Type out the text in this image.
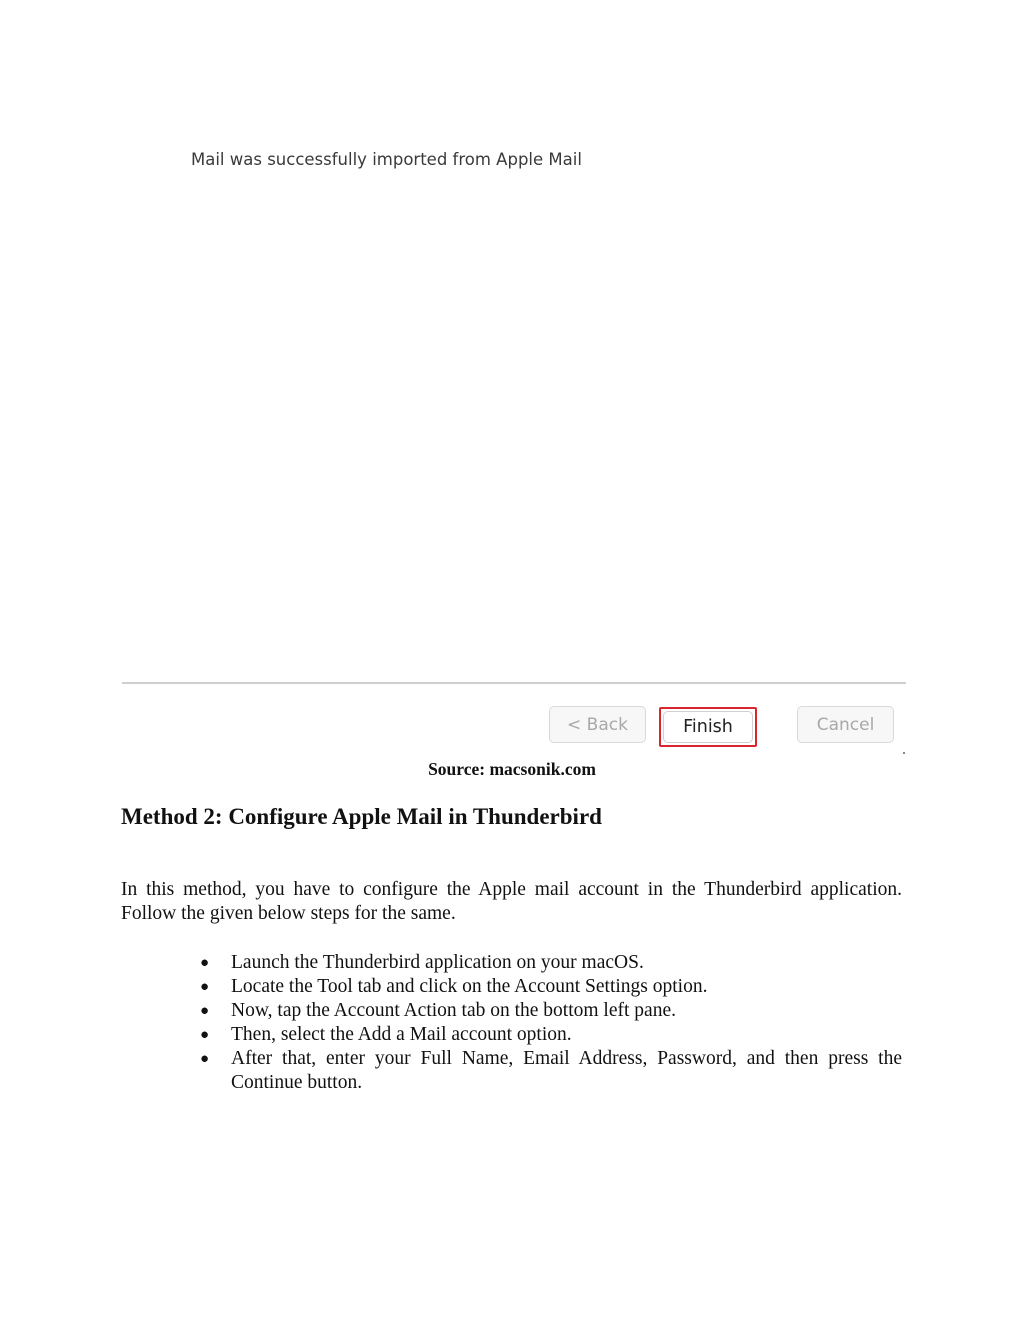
Mail was successfully imported from Apple Mail
< Back	Finish	Cancel
Source: macsonik.com
Method 2: Configure Apple Mail in Thunderbird

In this method, you have to configure the Apple mail account in the Thunderbird application. Follow the given below steps for the same.

● Launch the Thunderbird application on your macOS.
● Locate the Tool tab and click on the Account Settings option.
● Now, tap the Account Action tab on the bottom left pane.
● Then, select the Add a Mail account option.
● After that, enter your Full Name, Email Address, Password, and then press the Continue button.
